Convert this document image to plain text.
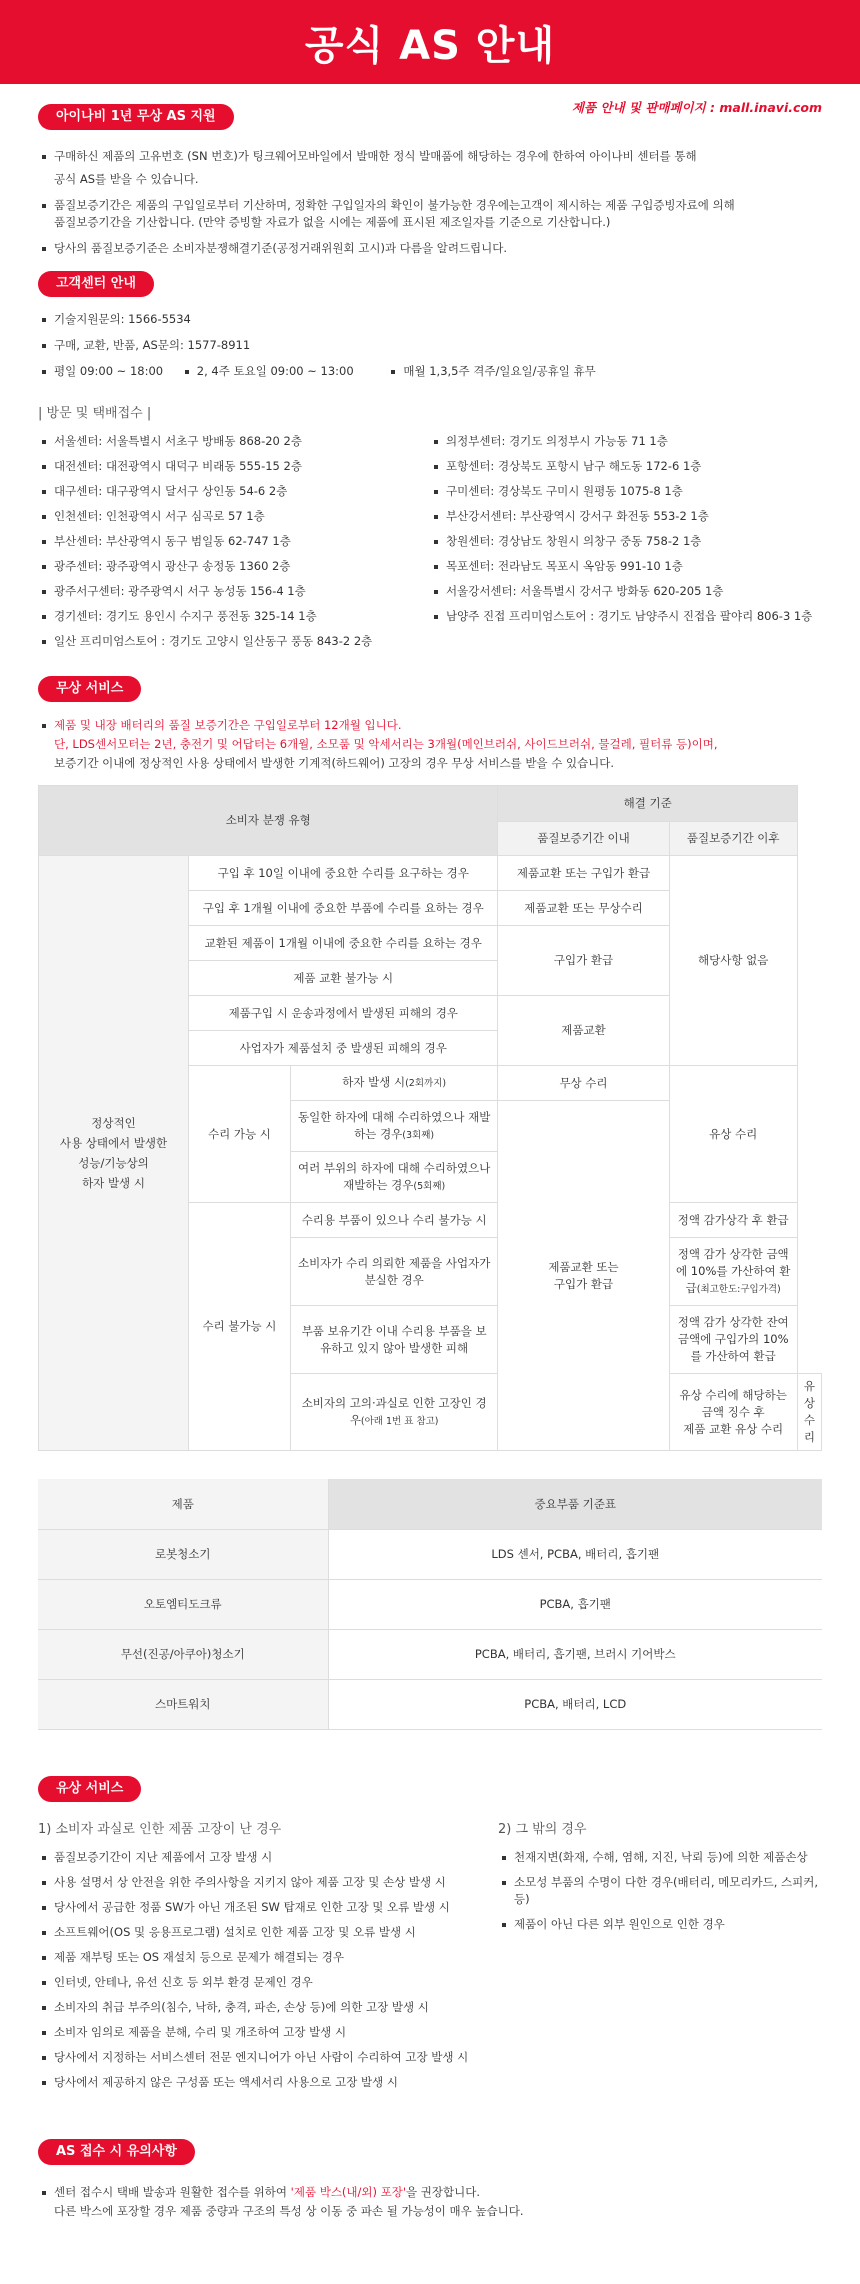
공식 AS 안내
제품 안내 및 판매페이지 : mall.inavi.com
아이나비 1년 무상 AS 지원
구매하신 제품의 고유번호 (SN 번호)가 팅크웨어모바일에서 발매한 정식 발매품에 해당하는 경우에 한하여 아이나비 센터를 통해
공식 AS를 받을 수 있습니다.
품질보증기간은 제품의 구입일로부터 기산하며, 정확한 구입일자의 확인이 불가능한 경우에는고객이 제시하는 제품 구입증빙자료에 의해
품질보증기간을 기산합니다. (만약 증빙할 자료가 없을 시에는 제품에 표시된 제조일자를 기준으로 기산합니다.)
당사의 품질보증기준은 소비자분쟁해결기준(공정거래위원회 고시)과 다름을 알려드립니다.
고객센터 안내
기술지원문의: 1566-5534
구매, 교환, 반품, AS문의: 1577-8911
평일 09:00 ~ 18:00	2, 4주 토요일 09:00 ~ 13:00	매월 1,3,5주 격주/일요일/공휴일 휴무
| 방문 및 택배접수 |
서울센터: 서울특별시 서초구 방배동 868-20 2층
대전센터: 대전광역시 대덕구 비래동 555-15 2층
대구센터: 대구광역시 달서구 상인동 54-6 2층
인천센터: 인천광역시 서구 심곡로 57 1층
부산센터: 부산광역시 동구 범일동 62-747 1층
광주센터: 광주광역시 광산구 송정동 1360 2층
광주서구센터: 광주광역시 서구 농성동 156-4 1층
경기센터: 경기도 용인시 수지구 풍전동 325-14 1층
일산 프리미엄스토어 : 경기도 고양시 일산동구 풍동 843-2 2층
의정부센터: 경기도 의정부시 가능동 71 1층
포항센터: 경상북도 포항시 남구 해도동 172-6 1층
구미센터: 경상북도 구미시 원평동 1075-8 1층
부산강서센터: 부산광역시 강서구 화전동 553-2 1층
창원센터: 경상남도 창원시 의창구 중동 758-2 1층
목포센터: 전라남도 목포시 옥암동 991-10 1층
서울강서센터: 서울특별시 강서구 방화동 620-205 1층
남양주 진접 프리미엄스토어 : 경기도 남양주시 진접읍 팔야리 806-3 1층
무상 서비스
제품 및 내장 배터리의 품질 보증기간은 구입일로부터 12개월 입니다.
단, LDS센서모터는 2년, 충전기 및 어답터는 6개월, 소모품 및 악세서리는 3개월(메인브러쉬, 사이드브러쉬, 물걸레, 필터류 등)이며,
보증기간 이내에 정상적인 사용 상태에서 발생한 기계적(하드웨어) 고장의 경우 무상 서비스를 받을 수 있습니다.
소비자 분쟁 유형			해결 기준		
			품질보증기간 이내	품질보증기간 이후	
정상적인
사용 상태에서 발생한
성능/기능상의
하자 발생 시	구입 후 10일 이내에 중요한 수리를 요구하는 경우		제품교환 또는 구입가 환급	해당사항 없음	
	구입 후 1개월 이내에 중요한 부품에 수리를 요하는 경우		제품교환 또는 무상수리		
	교환된 제품이 1개월 이내에 중요한 수리를 요하는 경우		구입가 환급		
	제품 교환 불가능 시				
	제품구입 시 운송과정에서 발생된 피해의 경우		제품교환		
	사업자가 제품설치 중 발생된 피해의 경우				
	수리 가능 시	하자 발생 시(2회까지)	무상 수리	유상 수리	
		동일한 하자에 대해 수리하였으나 재발하는 경우(3회째)	제품교환 또는
구입가 환급		
		여러 부위의 하자에 대해 수리하였으나 재발하는 경우(5회째)			
	수리 불가능 시	수리용 부품이 있으나 수리 불가능 시		정액 감가상각 후 환급	
		소비자가 수리 의뢰한 제품을 사업자가 분실한 경우		정액 감가 상각한 금액에 10%를 가산하여 환급(최고한도:구입가격)	
		부품 보유기간 이내 수리용 부품을 보유하고 있지 않아 발생한 피해		정액 감가 상각한 잔여 금액에 구입가의 10%를 가산하여 환급	
		소비자의 고의·과실로 인한 고장인 경우(아래 1번 표 참고)		유상 수리에 해당하는
금액 징수 후
제품 교환 유상 수리	유상 수리
제품	중요부품 기준표
로봇청소기	LDS 센서, PCBA, 배터리, 흡기팬
오토엠티도크류	PCBA, 흡기팬
무선(진공/아쿠아)청소기	PCBA, 배터리, 흡기팬, 브러시 기어박스
스마트워치	PCBA, 배터리, LCD
유상 서비스
1) 소비자 과실로 인한 제품 고장이 난 경우
품질보증기간이 지난 제품에서 고장 발생 시
사용 설명서 상 안전을 위한 주의사항을 지키지 않아 제품 고장 및 손상 발생 시
당사에서 공급한 정품 SW가 아닌 개조된 SW 탑재로 인한 고장 및 오류 발생 시
소프트웨어(OS 및 응용프로그램) 설치로 인한 제품 고장 및 오류 발생 시
제품 재부팅 또는 OS 재설치 등으로 문제가 해결되는 경우
인터넷, 안테나, 유선 신호 등 외부 환경 문제인 경우
소비자의 취급 부주의(침수, 낙하, 충격, 파손, 손상 등)에 의한 고장 발생 시
소비자 임의로 제품을 분해, 수리 및 개조하여 고장 발생 시
당사에서 지정하는 서비스센터 전문 엔지니어가 아닌 사람이 수리하여 고장 발생 시
당사에서 제공하지 않은 구성품 또는 액세서리 사용으로 고장 발생 시
2) 그 밖의 경우
천재지변(화재, 수해, 염해, 지진, 낙뢰 등)에 의한 제품손상
소모성 부품의 수명이 다한 경우(배터리, 메모리카드, 스피커, 등)
제품이 아닌 다른 외부 원인으로 인한 경우
AS 접수 시 유의사항
센터 접수시 택배 발송과 원활한 접수를 위하여 '제품 박스(내/외) 포장'을 권장합니다.
다른 박스에 포장할 경우 제품 중량과 구조의 특성 상 이동 중 파손 될 가능성이 매우 높습니다.
